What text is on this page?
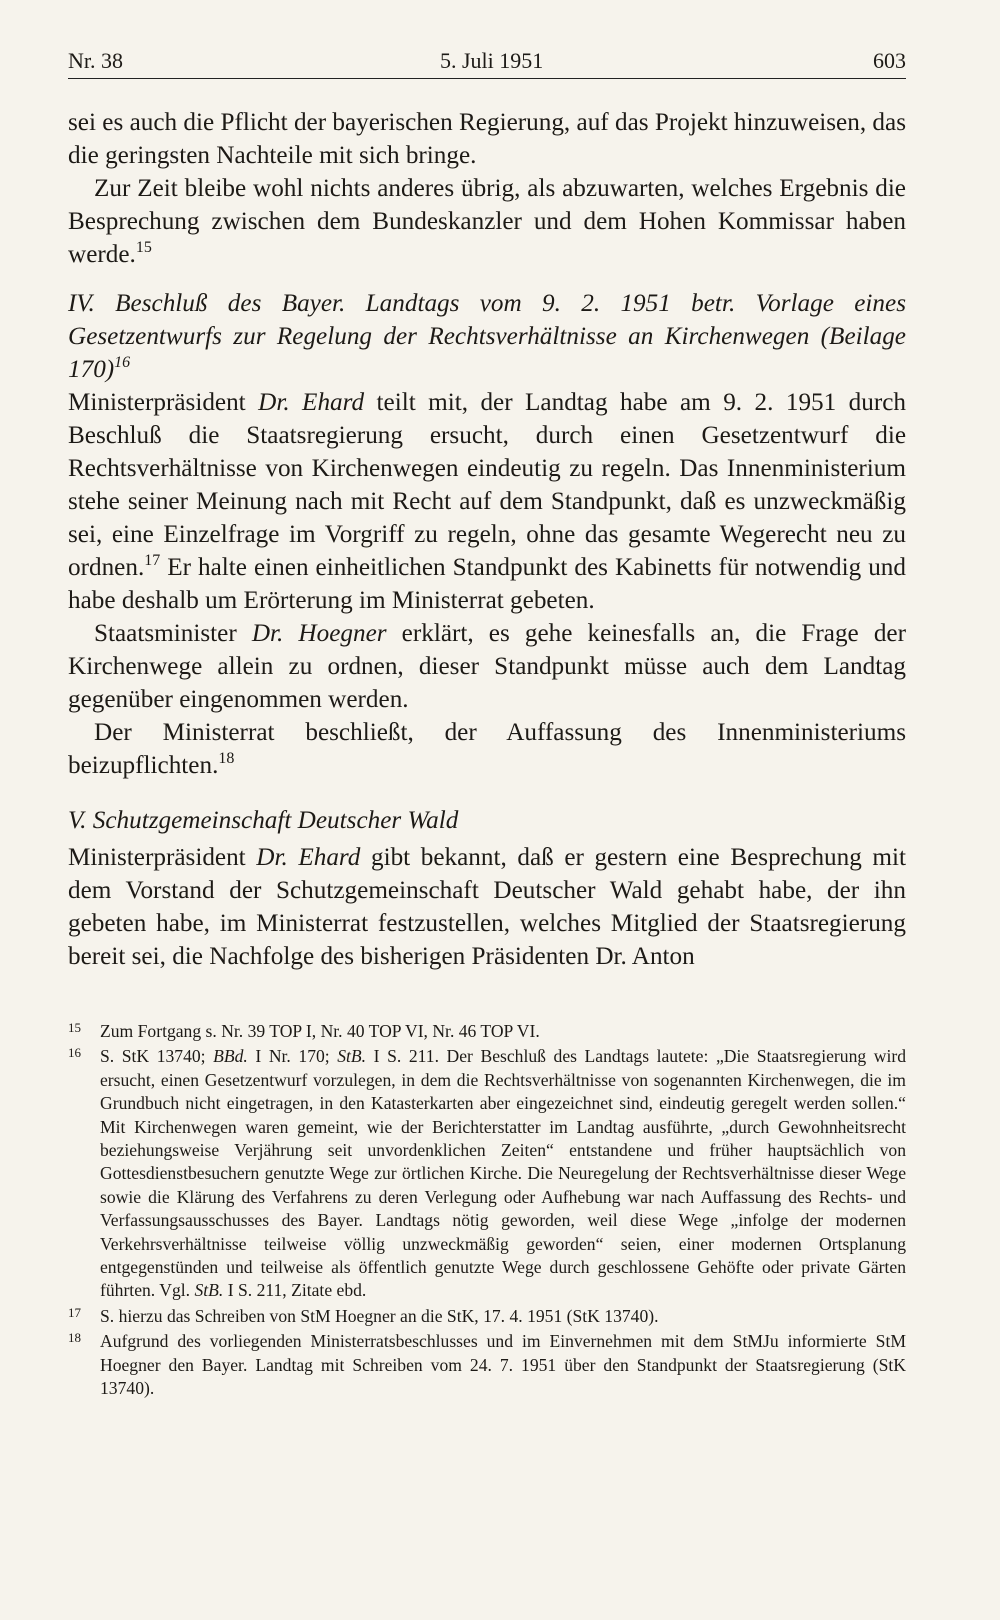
Nr. 38	5. Juli 1951	603

sei es auch die Pflicht der bayerischen Regierung, auf das Projekt hinzuweisen, das die geringsten Nachteile mit sich bringe.

Zur Zeit bleibe wohl nichts anderes übrig, als abzuwarten, welches Ergebnis die Besprechung zwischen dem Bundeskanzler und dem Hohen Kommissar haben werde.$^{15}$

IV. Beschluß des Bayer. Landtags vom 9. 2. 1951 betr. Vorlage eines Gesetzentwurfs zur Regelung der Rechtsverhältnisse an Kirchenwegen (Beilage 170)$^{16}$

Ministerpräsident Dr. Ehard teilt mit, der Landtag habe am 9. 2. 1951 durch Beschluß die Staatsregierung ersucht, durch einen Gesetzentwurf die Rechtsverhältnisse von Kirchenwegen eindeutig zu regeln. Das Innenministerium stehe seiner Meinung nach mit Recht auf dem Standpunkt, daß es unzweckmäßig sei, eine Einzelfrage im Vorgriff zu regeln, ohne das gesamte Wegerecht neu zu ordnen.$^{17}$ Er halte einen einheitlichen Standpunkt des Kabinetts für notwendig und habe deshalb um Erörterung im Ministerrat gebeten.

Staatsminister Dr. Hoegner erklärt, es gehe keinesfalls an, die Frage der Kirchenwege allein zu ordnen, dieser Standpunkt müsse auch dem Landtag gegenüber eingenommen werden.

Der Ministerrat beschließt, der Auffassung des Innenministeriums beizupflichten.$^{18}$

V. Schutzgemeinschaft Deutscher Wald

Ministerpräsident Dr. Ehard gibt bekannt, daß er gestern eine Besprechung mit dem Vorstand der Schutzgemeinschaft Deutscher Wald gehabt habe, der ihn gebeten habe, im Ministerrat festzustellen, welches Mitglied der Staatsregierung bereit sei, die Nachfolge des bisherigen Präsidenten Dr. Anton

15 Zum Fortgang s. Nr. 39 TOP I, Nr. 40 TOP VI, Nr. 46 TOP VI.

16 S. StK 13740; BBd. I Nr. 170; StB. I S. 211. Der Beschluß des Landtags lautete: „Die Staatsregierung wird ersucht, einen Gesetzentwurf vorzulegen, in dem die Rechtsverhältnisse von sogenannten Kirchenwegen, die im Grundbuch nicht eingetragen, in den Katasterkarten aber eingezeichnet sind, eindeutig geregelt werden sollen.“ Mit Kirchenwegen waren gemeint, wie der Berichterstatter im Landtag ausführte, „durch Gewohnheitsrecht beziehungsweise Verjährung seit unvordenklichen Zeiten“ entstandene und früher hauptsächlich von Gottesdienstbesuchern genutzte Wege zur örtlichen Kirche. Die Neuregelung der Rechtsverhältnisse dieser Wege sowie die Klärung des Verfahrens zu deren Verlegung oder Aufhebung war nach Auffassung des Rechts- und Verfassungsausschusses des Bayer. Landtags nötig geworden, weil diese Wege „infolge der modernen Verkehrsverhältnisse teilweise völlig unzweckmäßig geworden“ seien, einer modernen Ortsplanung entgegenstünden und teilweise als öffentlich genutzte Wege durch geschlossene Gehöfte oder private Gärten führten. Vgl. StB. I S. 211, Zitate ebd.

17 S. hierzu das Schreiben von StM Hoegner an die StK, 17. 4. 1951 (StK 13740).

18 Aufgrund des vorliegenden Ministerratsbeschlusses und im Einvernehmen mit dem StMJu informierte StM Hoegner den Bayer. Landtag mit Schreiben vom 24. 7. 1951 über den Standpunkt der Staatsregierung (StK 13740).
